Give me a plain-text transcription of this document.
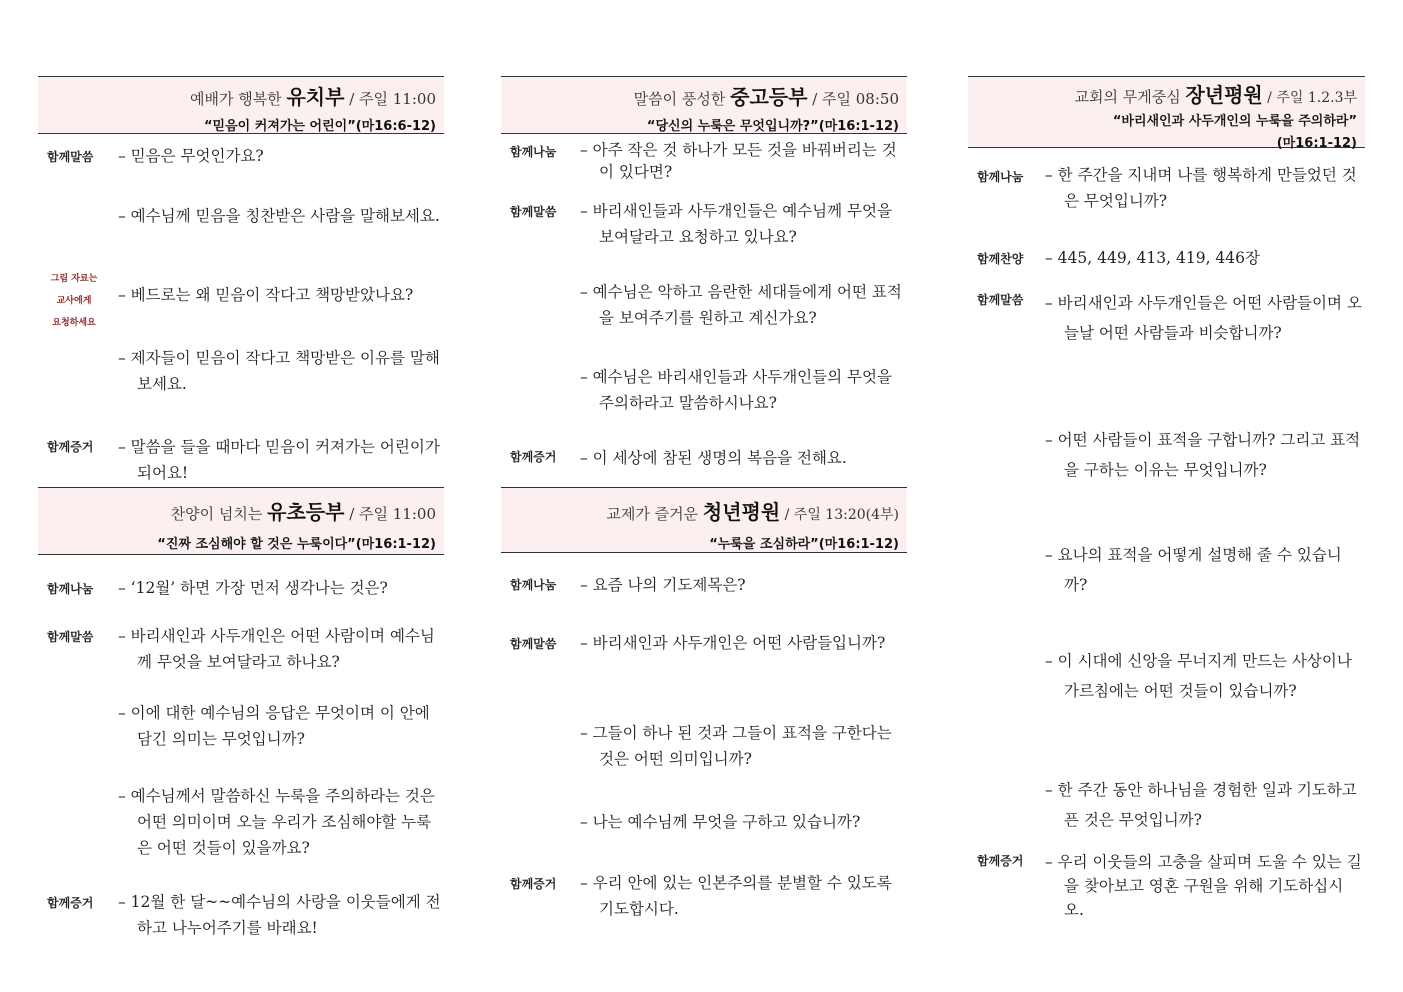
예배가 행복한 유치부 / 주일 11:00
“믿음이 커져가는 어린이”(마16:6-12)
함께말씀
함께증거
그림 자료는
교사에게
요청하세요
– 믿음은 무엇인가요?
– 예수님께 믿음을 칭찬받은 사람을 말해보세요.
– 베드로는 왜 믿음이 작다고 책망받았나요?
– 제자들이 믿음이 작다고 책망받은 이유를 말해보세요.
– 말씀을 들을 때마다 믿음이 커져가는 어린이가 되어요!
찬양이 넘치는 유초등부 / 주일 11:00
“진짜 조심해야 할 것은 누룩이다”(마16:1-12)
함께나눔
함께말씀
함께증거
– ‘12월’ 하면 가장 먼저 생각나는 것은?
– 바리새인과 사두개인은 어떤 사람이며 예수님께 무엇을 보여달라고 하나요?
– 이에 대한 예수님의 응답은 무엇이며 이 안에 담긴 의미는 무엇입니까?
– 예수님께서 말씀하신 누룩을 주의하라는 것은 어떤 의미이며 오늘 우리가 조심해야할 누룩은 어떤 것들이 있을까요?
– 12월 한 달~~예수님의 사랑을 이웃들에게 전하고 나누어주기를 바래요!
말씀이 풍성한 중고등부 / 주일 08:50
“당신의 누룩은 무엇입니까?”(마16:1-12)
함께나눔
함께말씀
함께증거
– 아주 작은 것 하나가 모든 것을 바꿔버리는 것이 있다면?
– 바리새인들과 사두개인들은 예수님께 무엇을 보여달라고 요청하고 있나요?
– 예수님은 악하고 음란한 세대들에게 어떤 표적을 보여주기를 원하고 계신가요?
– 예수님은 바리새인들과 사두개인들의 무엇을 주의하라고 말씀하시나요?
– 이 세상에 참된 생명의 복음을 전해요.
교제가 즐거운 청년평원 / 주일 13:20(4부)
“누룩을 조심하라”(마16:1-12)
함께나눔
함께말씀
함께증거
– 요즘 나의 기도제목은?
– 바리새인과 사두개인은 어떤 사람들입니까?
– 그들이 하나 된 것과 그들이 표적을 구한다는 것은 어떤 의미입니까?
– 나는 예수님께 무엇을 구하고 있습니까?
– 우리 안에 있는 인본주의를 분별할 수 있도록 기도합시다.
교회의 무게중심 장년평원 / 주일 1.2.3부
“바리새인과 사두개인의 누룩을 주의하라”
(마16:1-12)
함께나눔
함께찬양
함께말씀
함께증거
– 한 주간을 지내며 나를 행복하게 만들었던 것은 무엇입니까?
– 445, 449, 413, 419, 446장
– 바리새인과 사두개인들은 어떤 사람들이며 오늘날 어떤 사람들과 비슷합니까?
– 어떤 사람들이 표적을 구합니까? 그리고 표적을 구하는 이유는 무엇입니까?
– 요나의 표적을 어떻게 설명해 줄 수 있습니까?
– 이 시대에 신앙을 무너지게 만드는 사상이나 가르침에는 어떤 것들이 있습니까?
– 한 주간 동안 하나님을 경험한 일과 기도하고픈 것은 무엇입니까?
– 우리 이웃들의 고충을 살피며 도울 수 있는 길을 찾아보고 영혼 구원을 위해 기도하십시오.
